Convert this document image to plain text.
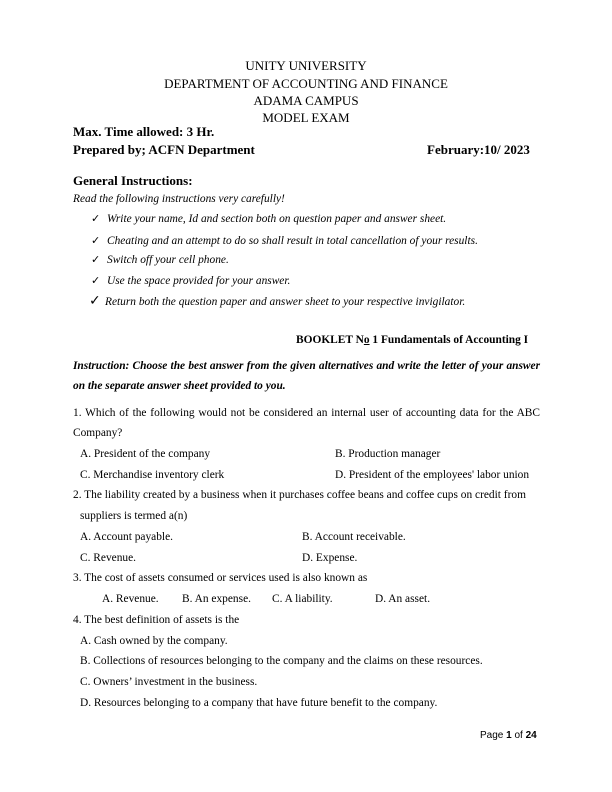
UNITY UNIVERSITY
DEPARTMENT OF ACCOUNTING AND FINANCE
ADAMA CAMPUS
MODEL EXAM
Max. Time allowed: 3 Hr.
Prepared by; ACFN Department	February:10/ 2023
General Instructions:
Read the following instructions very carefully!
✓ Write your name, Id and section both on question paper and answer sheet.
✓ Cheating and an attempt to do so shall result in total cancellation of your results.
✓ Switch off your cell phone.
✓ Use the space provided for your answer.
✓ Return both the question paper and answer sheet to your respective invigilator.
BOOKLET No 1 Fundamentals of Accounting I
Instruction: Choose the best answer from the given alternatives and write the letter of your answer on the separate answer sheet provided to you.
1. Which of the following would not be considered an internal user of accounting data for the ABC Company?
A. President of the company	B. Production manager
C. Merchandise inventory clerk	D. President of the employees' labor union
2. The liability created by a business when it purchases coffee beans and coffee cups on credit from
suppliers is termed a(n)
A. Account payable.	B. Account receivable.
C. Revenue.	D. Expense.
3. The cost of assets consumed or services used is also known as
A. Revenue. B. An expense. C. A liability.	D. An asset.
4. The best definition of assets is the
A. Cash owned by the company.
B. Collections of resources belonging to the company and the claims on these resources.
C. Owners’ investment in the business.
D. Resources belonging to a company that have future benefit to the company.
Page 1 of 24
